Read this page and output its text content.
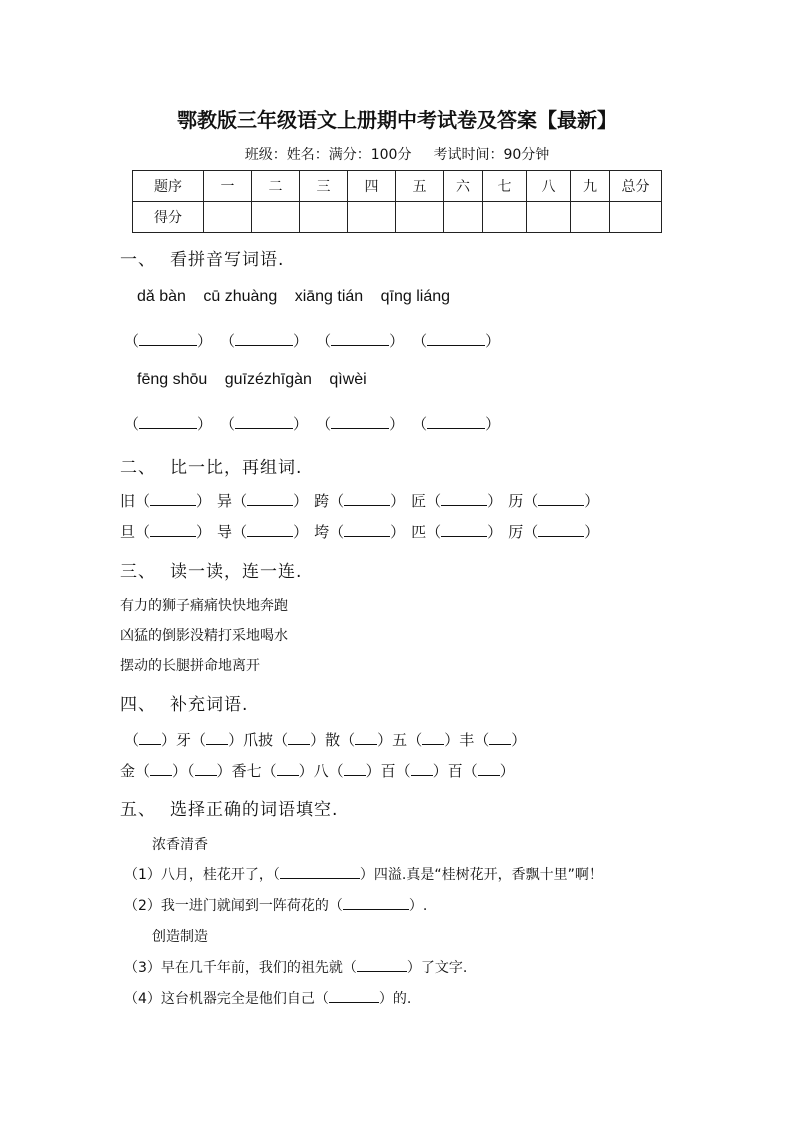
鄂教版三年级语文上册期中考试卷及答案【最新】
班级：姓名：满分：100分 考试时间：90分钟
题序	一	二	三	四	五	六	七	八	九	总分
得分										
一、 看拼音写词语.
dǎ bàn cū zhuàng xiāng tián qīng liáng
（	） （	） （	） （	）
fēng shōu guīzézhīgàn qìwèi
（	） （	） （	） （	）
二、 比一比，再组词.
旧（	） 异（	） 跨（	） 匠（	） 历（	）
旦（	） 导（	） 垮（	） 匹（	） 厉（	）
三、 读一读，连一连.
有力的狮子痛痛快快地奔跑
凶猛的倒影没精打采地喝水
摆动的长腿拼命地离开
四、 补充词语.
（ ）牙（ ）爪披（ ）散（ ）五（ ）丰（ ）
金（ ）（ ）香七（ ）八（ ）百（ ）百（ ）
五、 选择正确的词语填空.
浓香清香
（1）八月，桂花开了，（	）四溢.真是“桂树花开，香飘十里”啊！
（2）我一进门就闻到一阵荷花的（	）.
创造制造
（3）早在几千年前，我们的祖先就（	）了文字.
（4）这台机器完全是他们自己（	）的.
